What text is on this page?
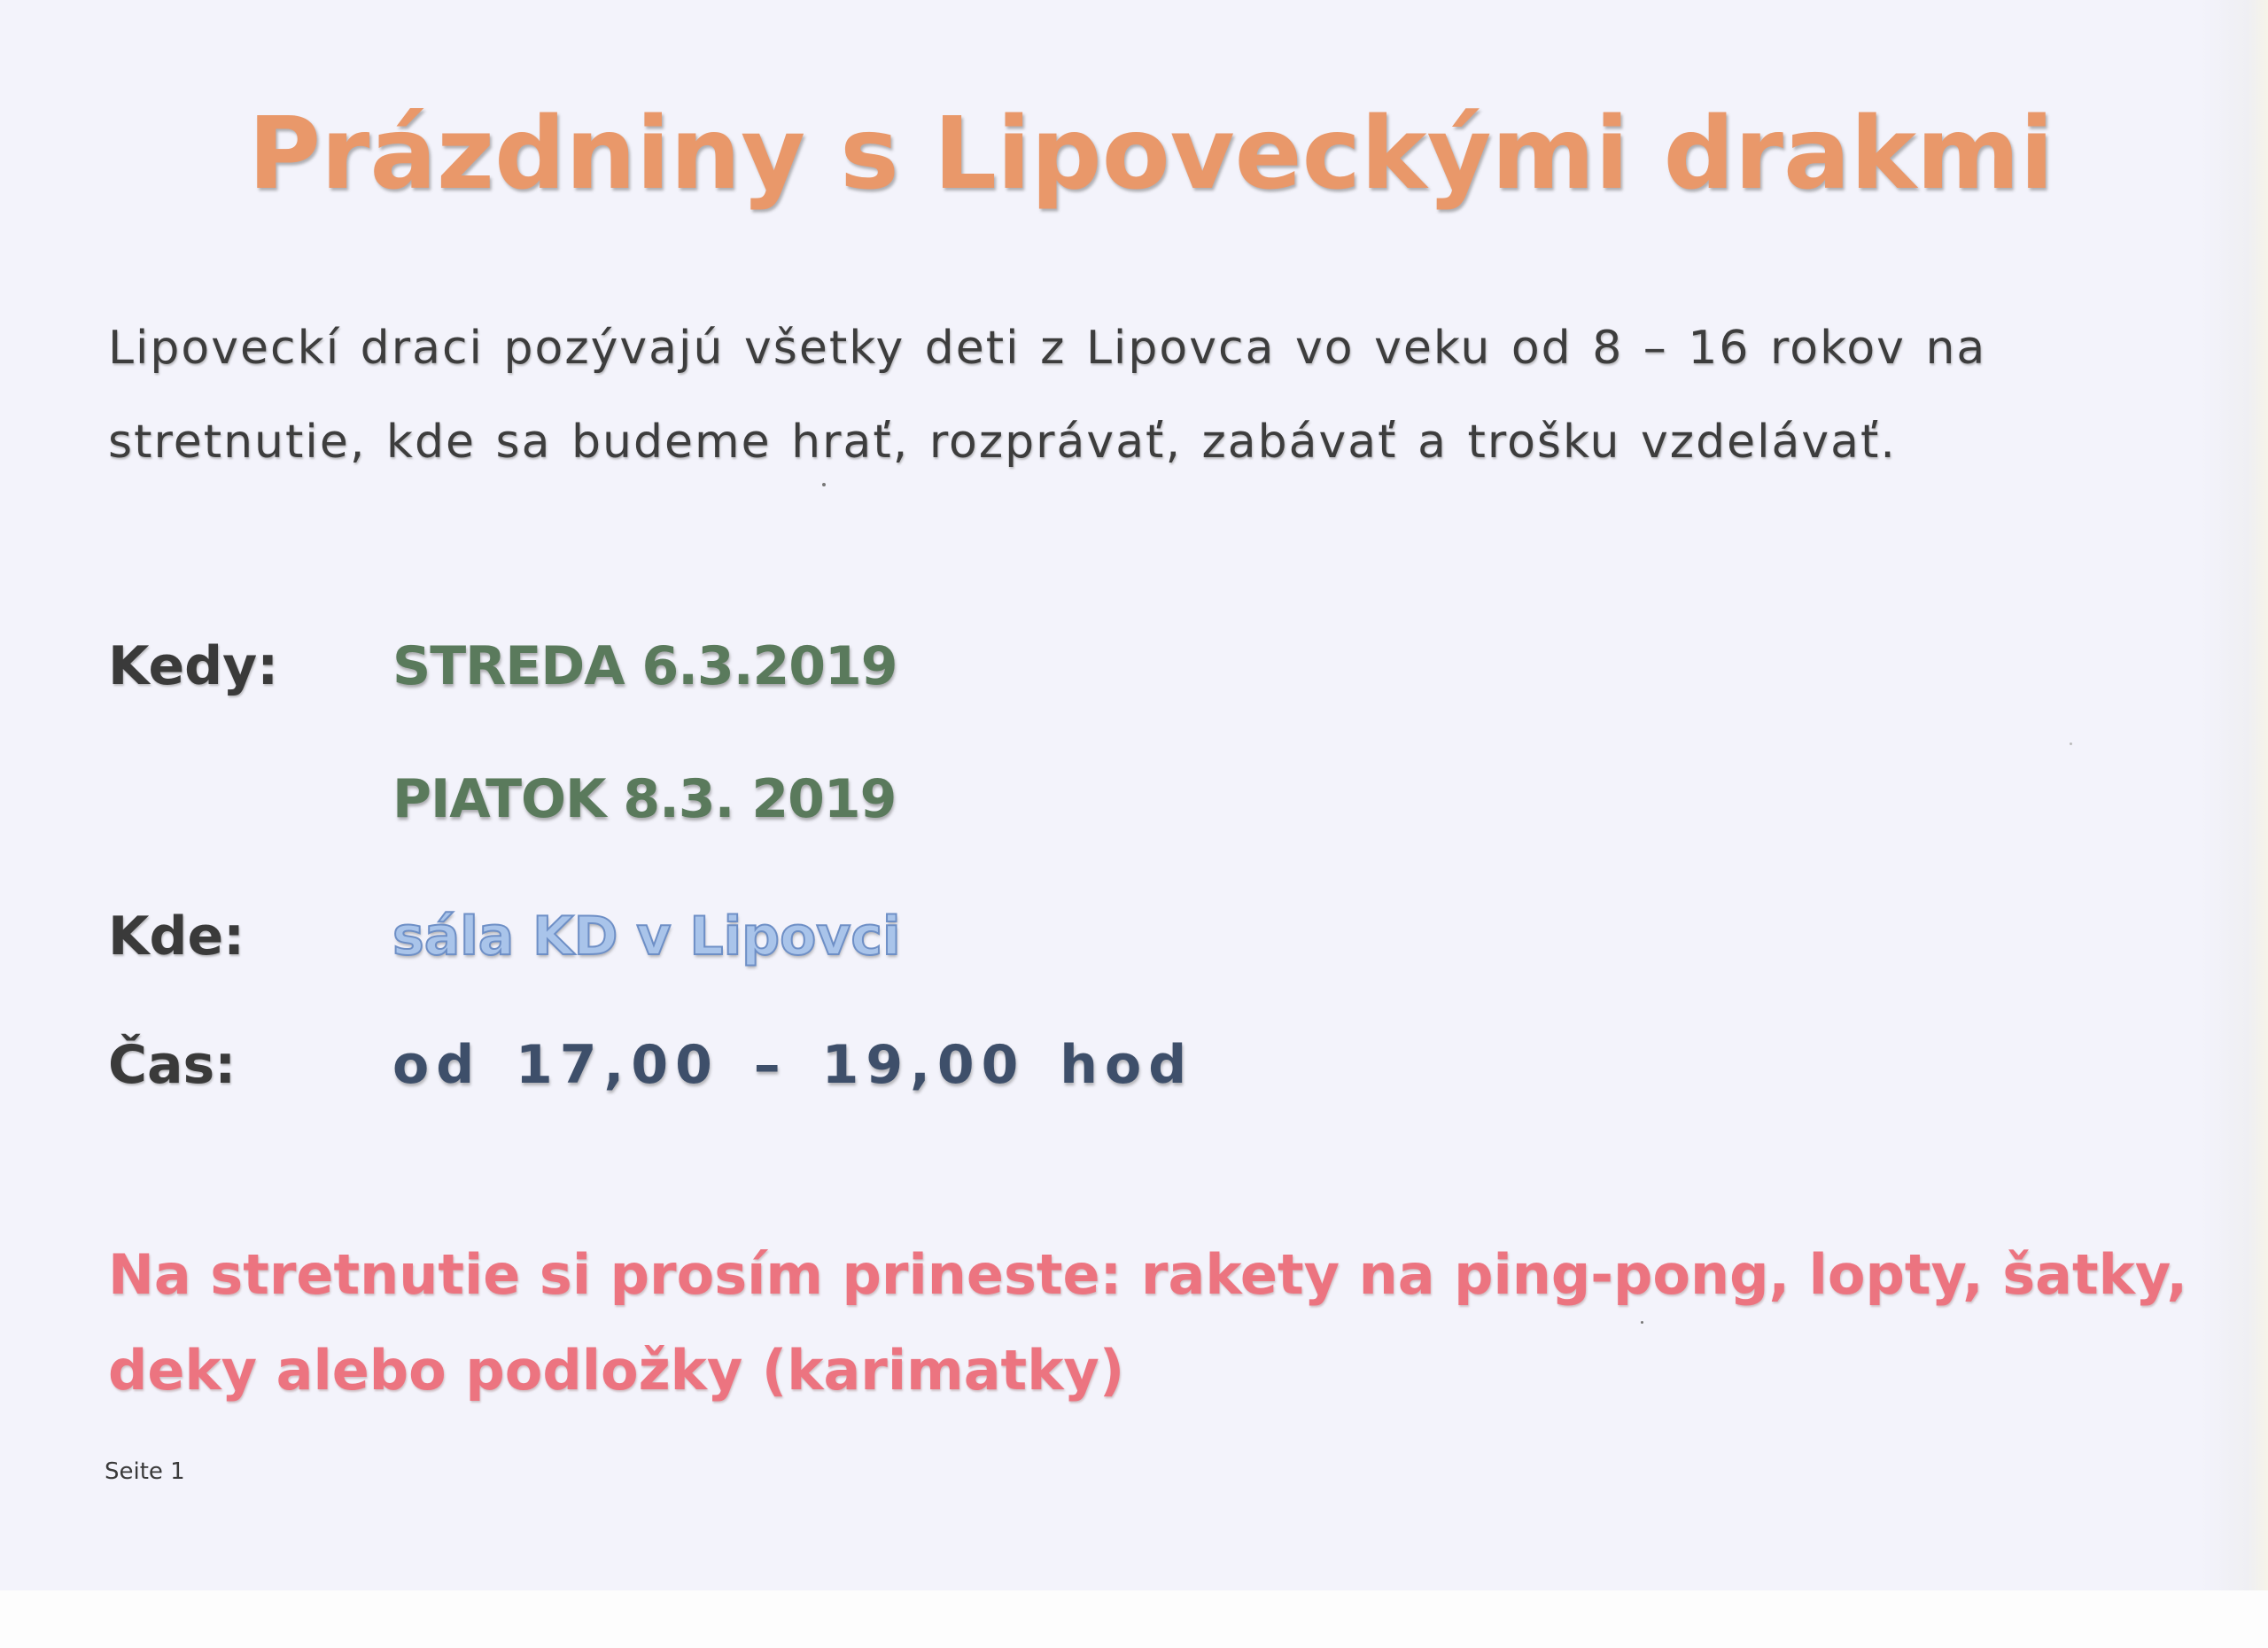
Prázdniny s Lipoveckými drakmi

Lipoveckí draci pozývajú všetky deti z Lipovca vo veku od 8 – 16 rokov na

stretnutie, kde sa budeme hrať, rozprávať, zabávať a trošku vzdelávať.

Kedy: STREDA 6.3.2019
PIATOK 8.3. 2019
Kde:	sála KD v Lipovci
Čas:	od 17,00 – 19,00 hod

Na stretnutie si prosím prineste: rakety na ping-pong, lopty, šatky,

deky alebo podložky (karimatky)

Seite 1
